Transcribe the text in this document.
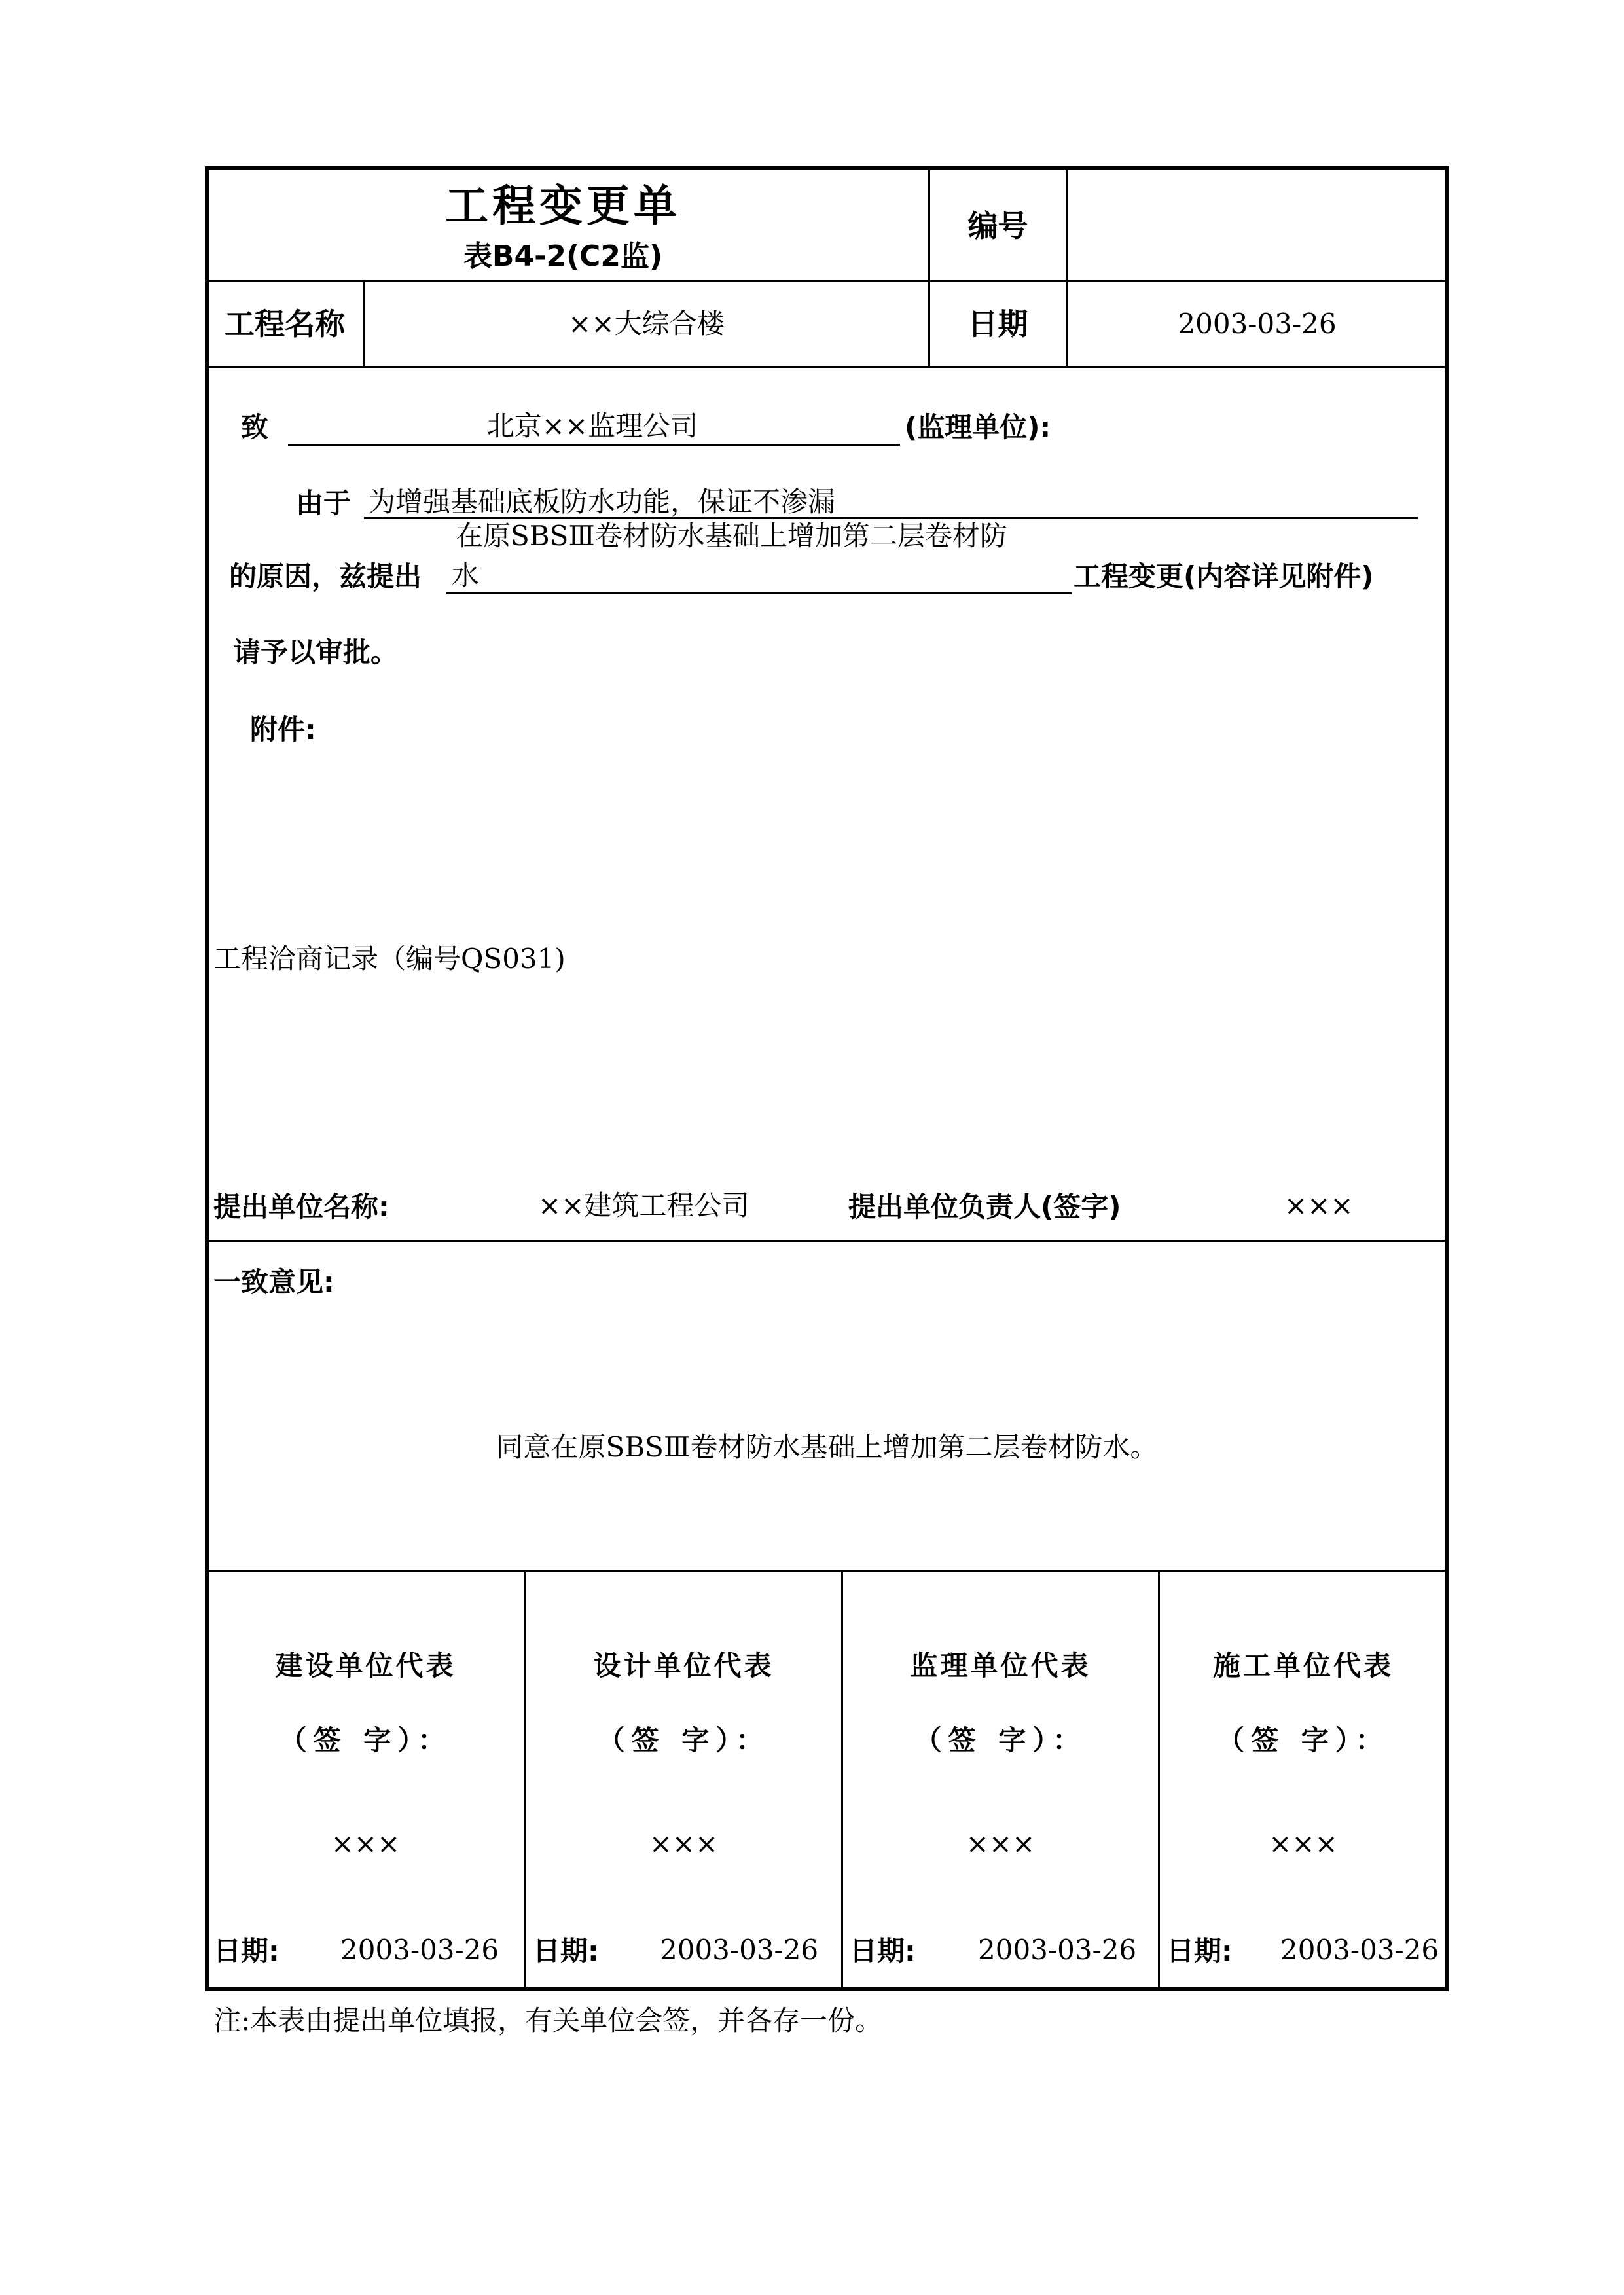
工程变更单
表B4-2(C2监)
编号
工程名称	××大综合楼	日期	2003-03-26
致	北京××监理公司	(监理单位):
由于 为增强基础底板防水功能，保证不渗漏
在原SBSⅢ卷材防水基础上增加第二层卷材防
的原因，兹提出 水	工程变更(内容详见附件)
请予以审批。
附件:
工程洽商记录（编号QS031)
提出单位名称:	××建筑工程公司	提出单位负责人(签字)	×××
一致意见:
同意在原SBSⅢ卷材防水基础上增加第二层卷材防水。
建设单位代表
（签 字）：
×××
日期: 2003-03-26
设计单位代表
（签 字）：
×××
日期: 2003-03-26
监理单位代表
（签 字）：
×××
日期: 2003-03-26
施工单位代表
（签 字）：
×××
日期: 2003-03-26
注:本表由提出单位填报，有关单位会签，并各存一份。
